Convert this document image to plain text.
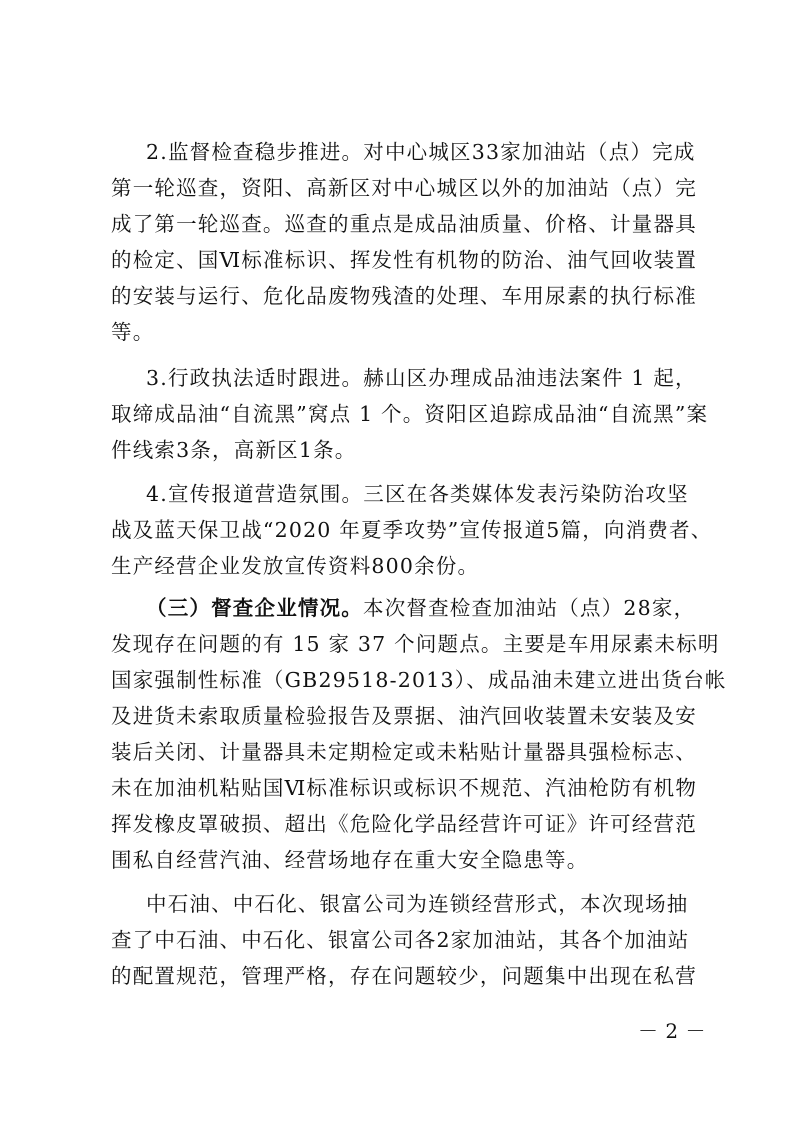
2.监督检查稳步推进。对中心城区33家加油站（点）完成
第一轮巡查，资阳、高新区对中心城区以外的加油站（点）完
成了第一轮巡查。巡查的重点是成品油质量、价格、计量器具
的检定、国Ⅵ标准标识、挥发性有机物的防治、油气回收装置
的安装与运行、危化品废物残渣的处理、车用尿素的执行标准
等。
3.行政执法适时跟进。赫山区办理成品油违法案件 1 起，
取缔成品油“自流黑”窝点 1 个。资阳区追踪成品油“自流黑”案
件线索3条，高新区1条。
4.宣传报道营造氛围。三区在各类媒体发表污染防治攻坚
战及蓝天保卫战“2020 年夏季攻势”宣传报道5篇，向消费者、
生产经营企业发放宣传资料800余份。
（三）督查企业情况。本次督查检查加油站（点）28家，
发现存在问题的有 15 家 37 个问题点。主要是车用尿素未标明
国家强制性标准（GB29518-2013）、成品油未建立进出货台帐
及进货未索取质量检验报告及票据、油汽回收装置未安装及安
装后关闭、计量器具未定期检定或未粘贴计量器具强检标志、
未在加油机粘贴国Ⅵ标准标识或标识不规范、汽油枪防有机物
挥发橡皮罩破损、超出《危险化学品经营许可证》许可经营范
围私自经营汽油、经营场地存在重大安全隐患等。
中石油、中石化、银富公司为连锁经营形式，本次现场抽
查了中石油、中石化、银富公司各2家加油站，其各个加油站
的配置规范，管理严格，存在问题较少，问题集中出现在私营
－ 2 －
